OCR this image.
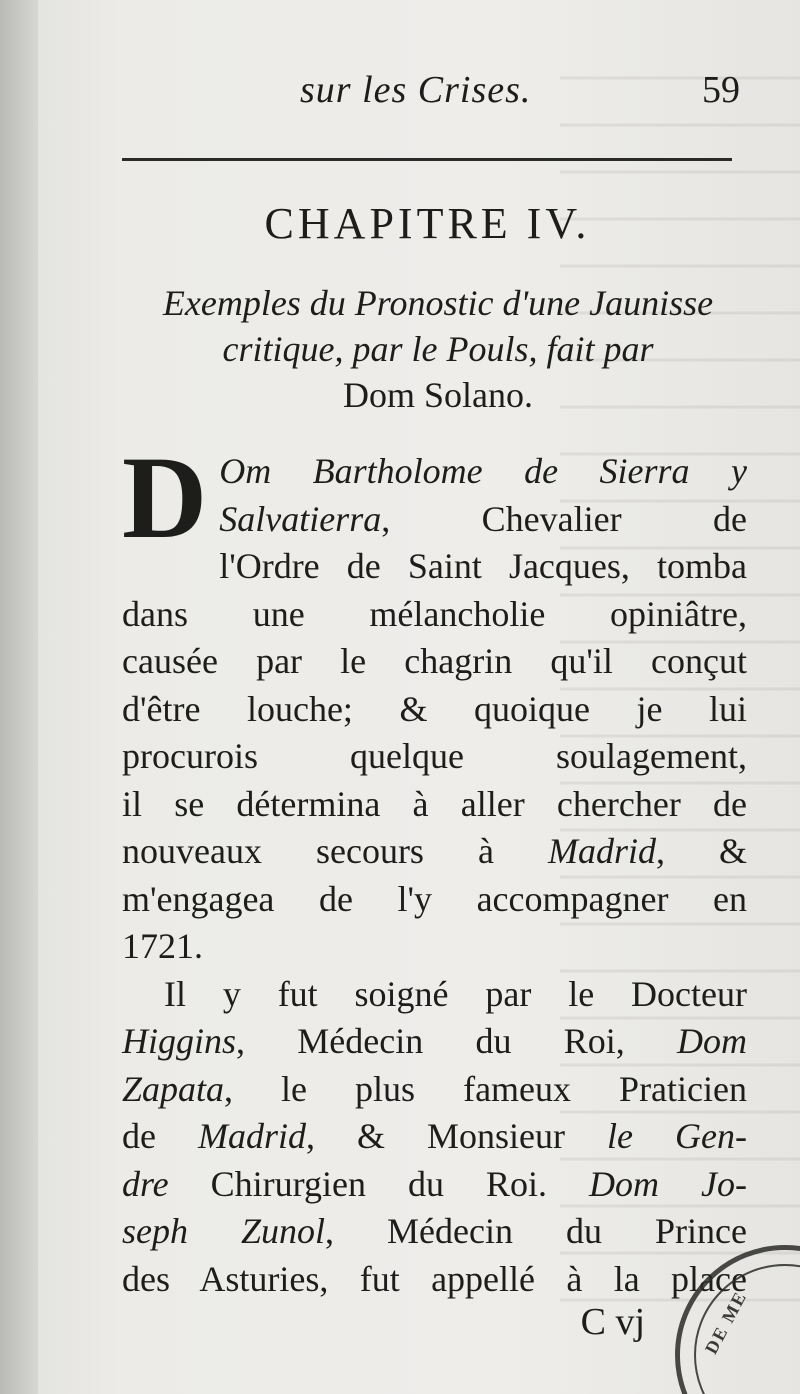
sur les Crises.	59
CHAPITRE IV.
Exemples du Pronostic d'une Jaunisse
critique, par le Pouls, fait par
Dom Solano.
D Om Bartholome de Sierra y
Salvatierra, Chevalier de
l'Ordre de Saint Jacques, tomba
dans une mélancholie opiniâtre,
causée par le chagrin qu'il conçut
d'être louche; & quoique je lui
procurois quelque soulagement,
il se détermina à aller chercher de
nouveaux secours à Madrid, &
m'engagea de l'y accompagner en
1721.
Il y fut soigné par le Docteur
Higgins, Médecin du Roi, Dom
Zapata, le plus fameux Praticien
de Madrid, & Monsieur le Gen-
dre Chirurgien du Roi. Dom Jo-
seph Zunol, Médecin du Prince
des Asturies, fut appellé à la place
C vj	DE ME
